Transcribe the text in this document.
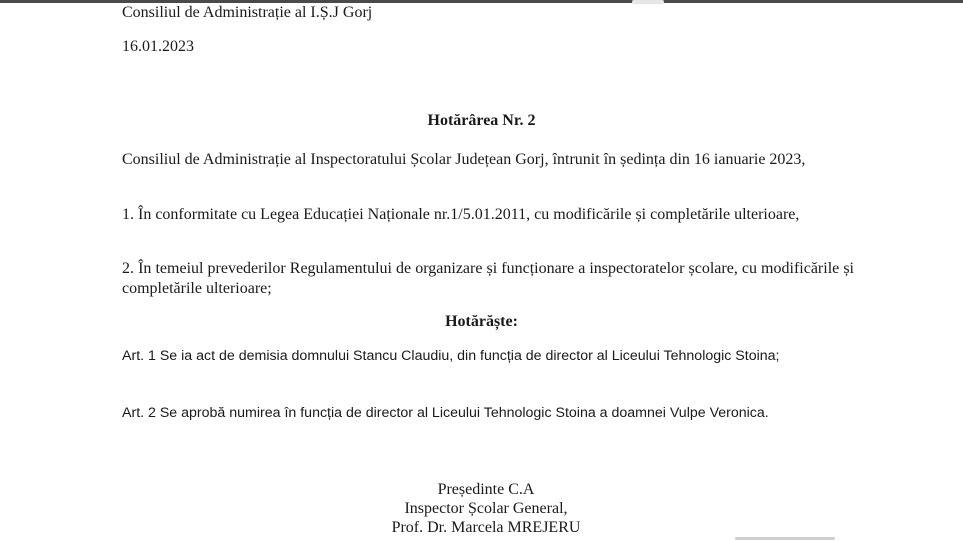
Consiliul de Administrație al I.Ș.J Gorj
16.01.2023
Hotărârea Nr. 2
Consiliul de Administrație al Inspectoratului Școlar Județean Gorj, întrunit în ședința din 16 ianuarie 2023,
1. În conformitate cu Legea Educației Naționale nr.1/5.01.2011, cu modificările și completările ulterioare,
2. În temeiul prevederilor Regulamentului de organizare și funcționare a inspectoratelor școlare, cu modificările și completările ulterioare;
Hotărăște:
Art. 1 Se ia act de demisia domnului Stancu Claudiu, din funcția de director al Liceului Tehnologic Stoina;
Art. 2 Se aprobă numirea în funcția de director al Liceului Tehnologic Stoina a doamnei Vulpe Veronica.
Președinte C.A
Inspector Școlar General,
Prof. Dr. Marcela MREJERU
